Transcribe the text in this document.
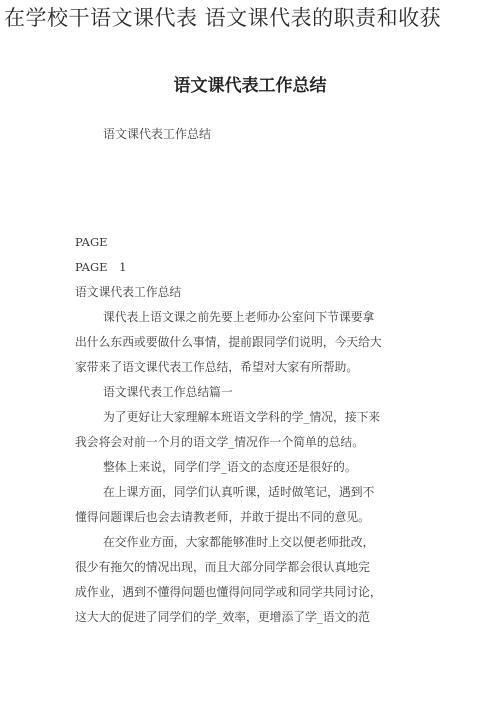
在学校干语文课代表 语文课代表的职责和收获
语文课代表工作总结
语文课代表工作总结
PAGE
PAGE　1
语文课代表工作总结
课代表上语文课之前先要上老师办公室问下节课要拿
出什么东西或要做什么事情，提前跟同学们说明，今天给大
家带来了语文课代表工作总结，希望对大家有所帮助。
语文课代表工作总结篇一
为了更好让大家理解本班语文学科的学_情况，接下来
我会将会对前一个月的语文学_情况作一个简单的总结。
整体上来说，同学们学_语文的态度还是很好的。
在上课方面，同学们认真听课，适时做笔记，遇到不
懂得问题课后也会去请教老师，并敢于提出不同的意见。
在交作业方面，大家都能够准时上交以便老师批改，
很少有拖欠的情况出现，而且大部分同学都会很认真地完
成作业，遇到不懂得问题也懂得问同学或和同学共同讨论，
这大大的促进了同学们的学_效率，更增添了学_语文的范
